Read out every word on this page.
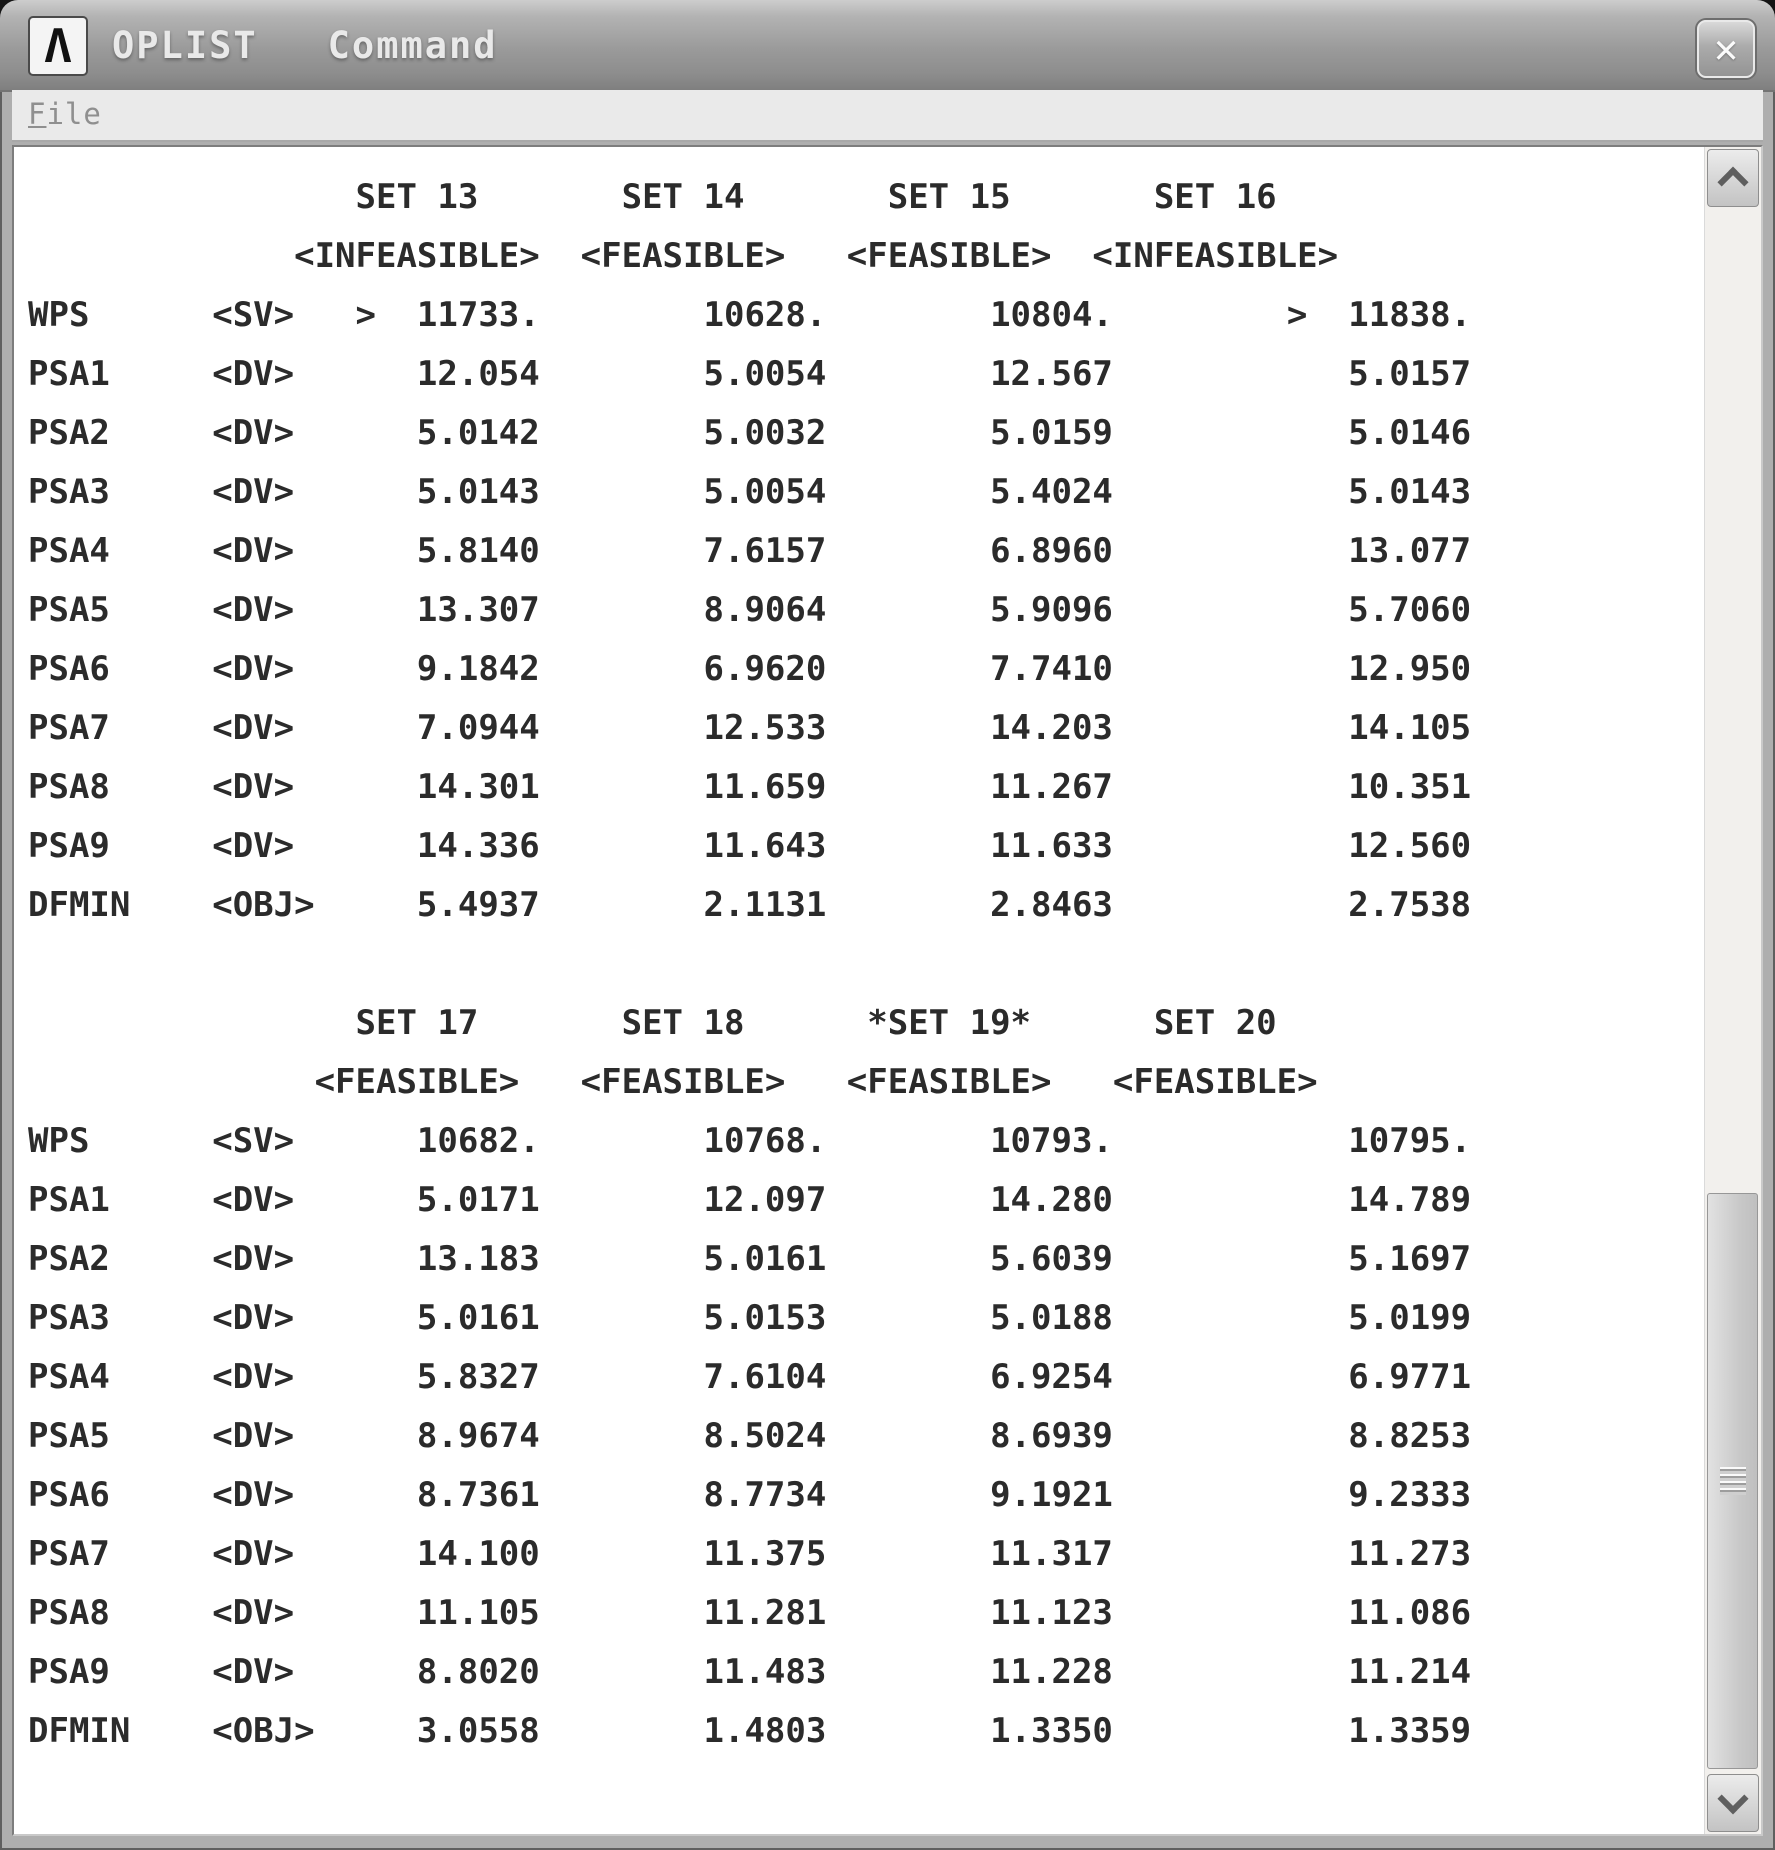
Λ OPLIST Command	✕
File
SET 13	SET 14	SET 15	SET 16
<INFEASIBLE> <FEASIBLE> <FEASIBLE> <INFEASIBLE>
WPS	<SV> > 11733.	10628.	10804.	> 11838.
PSA1	<DV>	12.054	5.0054	12.567	5.0157
PSA2	<DV>	5.0142	5.0032	5.0159	5.0146
PSA3	<DV>	5.0143	5.0054	5.4024	5.0143
PSA4	<DV>	5.8140	7.6157	6.8960	13.077
PSA5	<DV>	13.307	8.9064	5.9096	5.7060
PSA6	<DV>	9.1842	6.9620	7.7410	12.950
PSA7	<DV>	7.0944	12.533	14.203	14.105
PSA8	<DV>	14.301	11.659	11.267	10.351
PSA9	<DV>	14.336	11.643	11.633	12.560
DFMIN <OBJ>	5.4937	2.1131	2.8463	2.7538
SET 17	SET 18	*SET 19*	SET 20
<FEASIBLE> <FEASIBLE> <FEASIBLE> <FEASIBLE>
WPS	<SV>	10682.	10768.	10793.	10795.
PSA1	<DV>	5.0171	12.097	14.280	14.789
PSA2	<DV>	13.183	5.0161	5.6039	5.1697
PSA3	<DV>	5.0161	5.0153	5.0188	5.0199
PSA4	<DV>	5.8327	7.6104	6.9254	6.9771
PSA5	<DV>	8.9674	8.5024	8.6939	8.8253
PSA6	<DV>	8.7361	8.7734	9.1921	9.2333
PSA7	<DV>	14.100	11.375	11.317	11.273
PSA8	<DV>	11.105	11.281	11.123	11.086
PSA9	<DV>	8.8020	11.483	11.228	11.214
DFMIN <OBJ>	3.0558	1.4803	1.3350	1.3359
